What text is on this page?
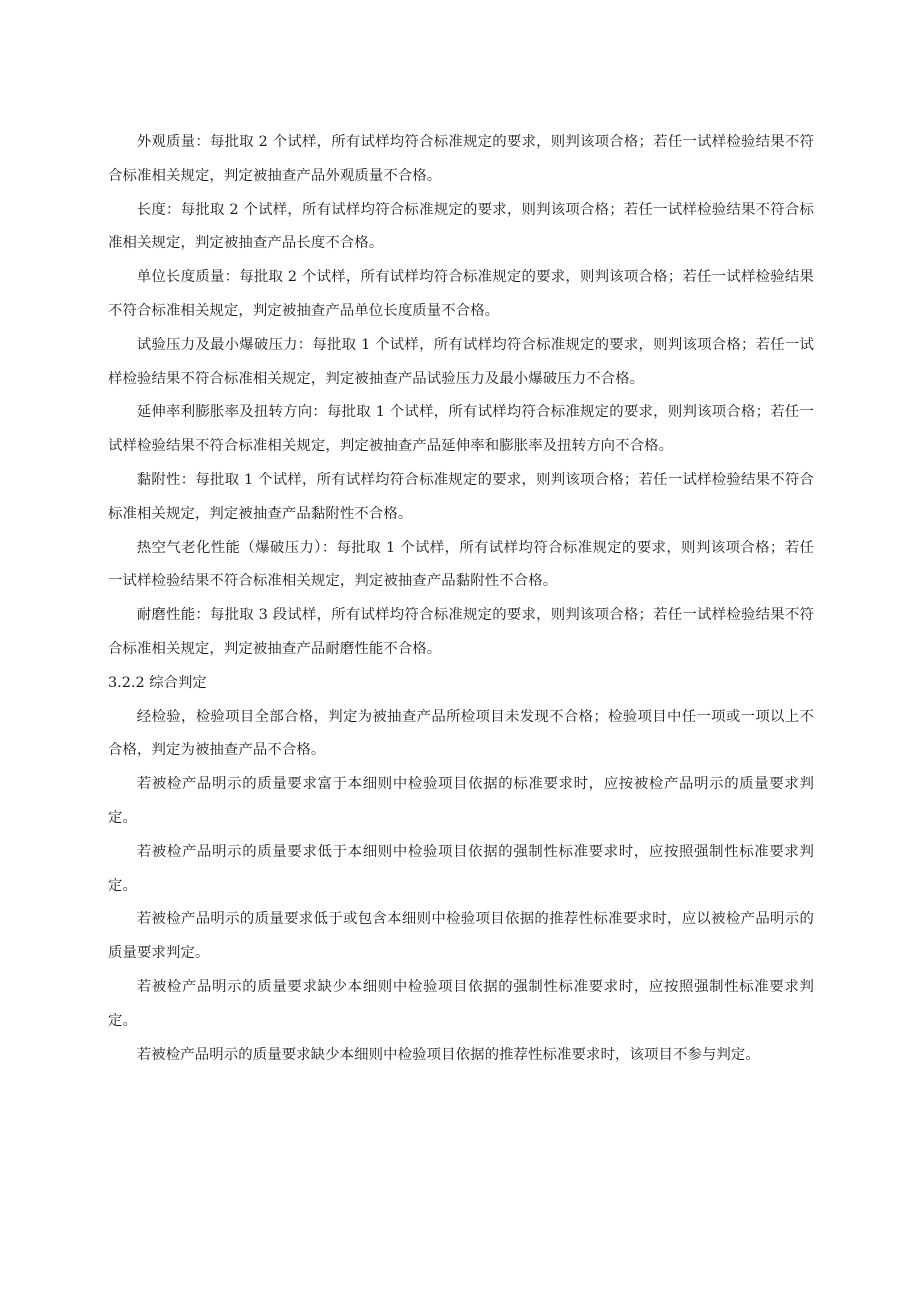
外观质量：每批取 2 个试样，所有试样均符合标准规定的要求，则判该项合格；若任一试样检验结果不符合标准相关规定，判定被抽查产品外观质量不合格。

长度：每批取 2 个试样，所有试样均符合标准规定的要求，则判该项合格；若任一试样检验结果不符合标准相关规定，判定被抽查产品长度不合格。

单位长度质量：每批取 2 个试样，所有试样均符合标准规定的要求，则判该项合格；若任一试样检验结果不符合标准相关规定，判定被抽查产品单位长度质量不合格。

试验压力及最小爆破压力：每批取 1 个试样，所有试样均符合标准规定的要求，则判该项合格；若任一试样检验结果不符合标准相关规定，判定被抽查产品试验压力及最小爆破压力不合格。

延伸率利膨胀率及扭转方向：每批取 1 个试样，所有试样均符合标准规定的要求，则判该项合格；若任一试样检验结果不符合标准相关规定，判定被抽查产品延伸率和膨胀率及扭转方向不合格。

黏附性：每批取 1 个试样，所有试样均符合标准规定的要求，则判该项合格；若任一试样检验结果不符合标准相关规定，判定被抽查产品黏附性不合格。

热空气老化性能（爆破压力）：每批取 1 个试样，所有试样均符合标准规定的要求，则判该项合格；若任一试样检验结果不符合标准相关规定，判定被抽查产品黏附性不合格。

耐磨性能：每批取 3 段试样，所有试样均符合标准规定的要求，则判该项合格；若任一试样检验结果不符合标准相关规定，判定被抽查产品耐磨性能不合格。

3.2.2 综合判定

经检验，检验项目全部合格，判定为被抽查产品所检项目未发现不合格；检验项目中任一项或一项以上不合格，判定为被抽查产品不合格。

若被检产品明示的质量要求富于本细则中检验项目依据的标准要求时，应按被检产品明示的质量要求判定。

若被检产品明示的质量要求低于本细则中检验项目依据的强制性标准要求时，应按照强制性标准要求判定。

若被检产品明示的质量要求低于或包含本细则中检验项目依据的推荐性标准要求时，应以被检产品明示的质量要求判定。

若被检产品明示的质量要求缺少本细则中检验项目依据的强制性标准要求时，应按照强制性标准要求判定。

若被检产品明示的质量要求缺少本细则中检验项目依据的推荐性标准要求时，该项目不参与判定。
